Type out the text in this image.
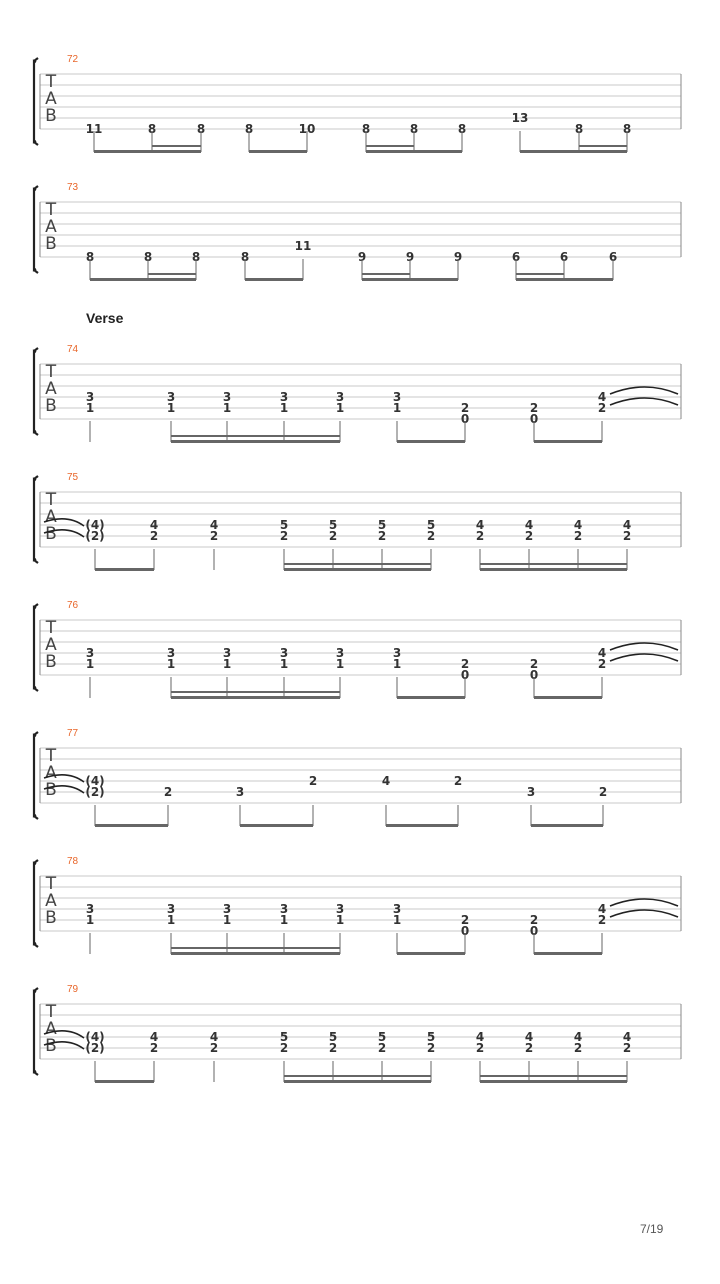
72
T
A
B
11	8	8	8	10	8	8	8
13
8	8
73
T
A
B
8	8	8	8
11
9	9	9	6	6	6
74
T
A
B 3
1
3
1
3
1
3
1
3
1
3
1	2
0
2
0
4
2
75
T
A
B (4)
(2)
4
2
4
2
5
2
5
2
5
2
5
2
4
2
4
2
4
2
4
2
76
T
A
B 3
1
3
1
3
1
3
1
3
1
3
1	2
0
2
0
4
2
77
T
A
B (4)
(2)	2	3
2	4	2
3	2
78
T
A
B 3
1
3
1
3
1
3
1
3
1
3
1	2
0
2
0
4
2
79
T
A
B (4)
(2)
4
2
4
2
5
2
5
2
5
2
5
2
4
2
4
2
4
2
4
2
Verse
7/19
